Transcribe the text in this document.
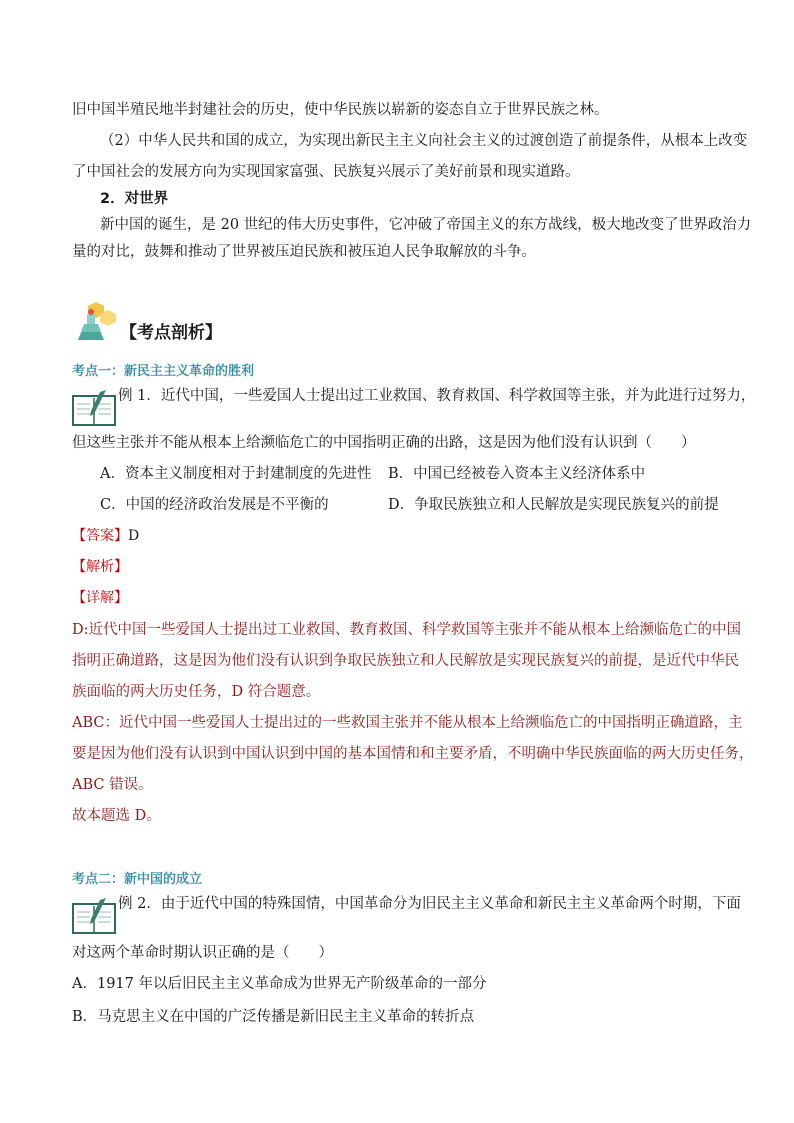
旧中国半殖民地半封建社会的历史，使中华民族以崭新的姿态自立于世界民族之林。
（2）中华人民共和国的成立，为实现出新民主主义向社会主义的过渡创造了前提条件，从根本上改变
了中国社会的发展方向为实现国家富强、民族复兴展示了美好前景和现实道路。
2．对世界
新中国的诞生，是 20 世纪的伟大历史事件，它冲破了帝国主义的东方战线，极大地改变了世界政治力
量的对比，鼓舞和推动了世界被压迫民族和被压迫人民争取解放的斗争。
【考点剖析】
考点一：新民主主义革命的胜利
例 1．近代中国，一些爱国人士提出过工业救国、教育救国、科学救国等主张，并为此进行过努力，
但这些主张并不能从根本上给濒临危亡的中国指明正确的出路，这是因为他们没有认识到（　　）
A．资本主义制度相对于封建制度的先进性 B．中国已经被卷入资本主义经济体系中
C．中国的经济政治发展是不平衡的	D．争取民族独立和人民解放是实现民族复兴的前提
【答案】D
【解析】
【详解】
D:近代中国一些爱国人士提出过工业救国、教育救国、科学救国等主张并不能从根本上给濒临危亡的中国
指明正确道路，这是因为他们没有认识到争取民族独立和人民解放是实现民族复兴的前提，是近代中华民
族面临的两大历史任务，D 符合题意。
ABC：近代中国一些爱国人士提出过的一些救国主张并不能从根本上给濒临危亡的中国指明正确道路，主
要是因为他们没有认识到中国认识到中国的基本国情和和主要矛盾，不明确中华民族面临的两大历史任务，
ABC 错误。
故本题选 D。
考点二：新中国的成立
例 2．由于近代中国的特殊国情，中国革命分为旧民主主义革命和新民主主义革命两个时期，下面
对这两个革命时期认识正确的是（　　）
A．1917 年以后旧民主主义革命成为世界无产阶级革命的一部分
B．马克思主义在中国的广泛传播是新旧民主主义革命的转折点
